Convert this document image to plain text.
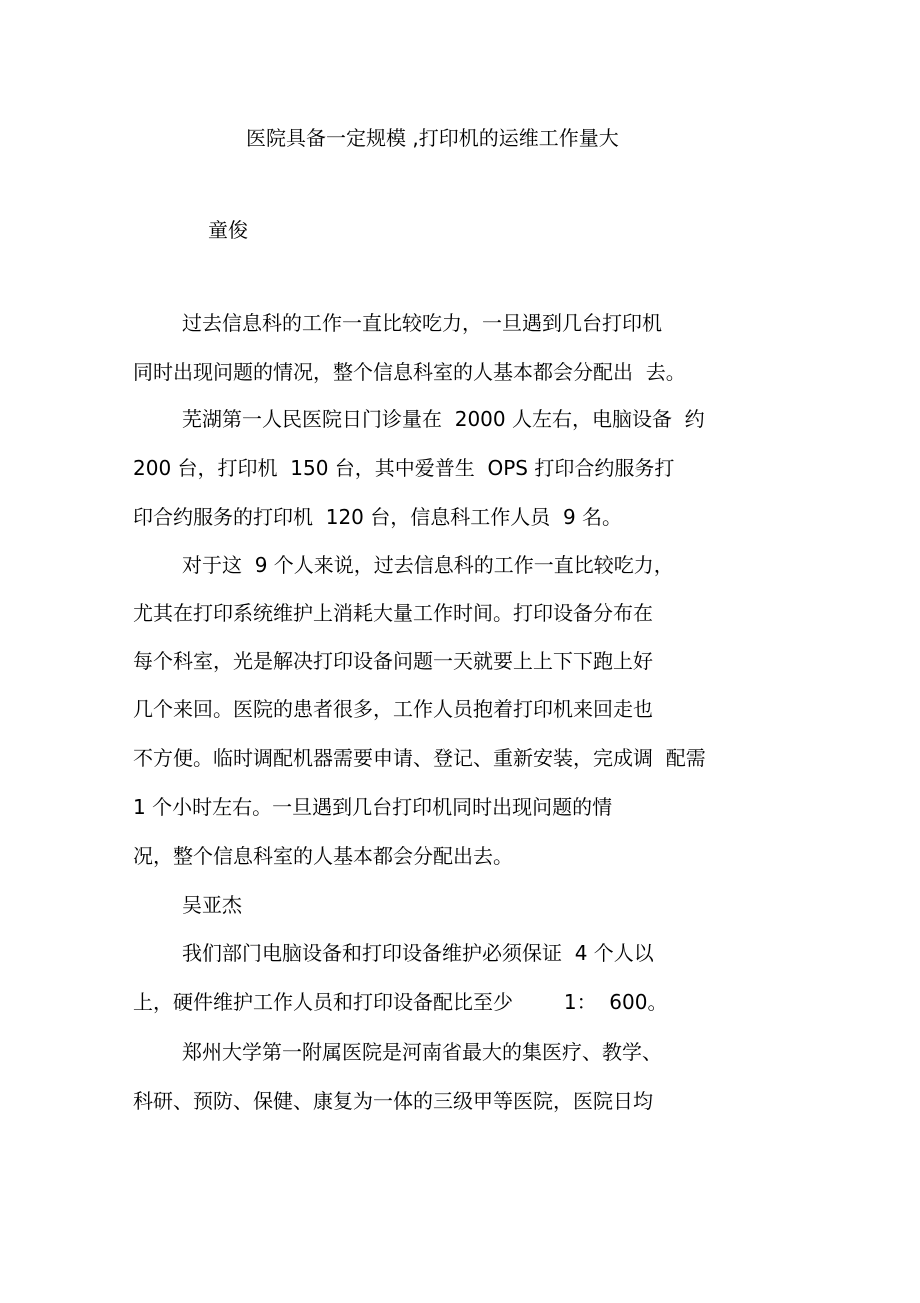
医院具备一定规模 ,打印机的运维工作量大
童俊
过去信息科的工作一直比较吃力，一旦遇到几台打印机
同时出现问题的情况，整个信息科室的人基本都会分配出  去。
芜湖第一人民医院日门诊量在  2000 人左右，电脑设备  约
200 台，打印机  150 台，其中爱普生  OPS 打印合约服务打
印合约服务的打印机  120 台，信息科工作人员  9 名。
对于这  9 个人来说，过去信息科的工作一直比较吃力，
尤其在打印系统维护上消耗大量工作时间。打印设备分布在
每个科室，光是解决打印设备问题一天就要上上下下跑上好
几个来回。医院的患者很多，工作人员抱着打印机来回走也
不方便。临时调配机器需要申请、登记、重新安装，完成调  配需
1 个小时左右。一旦遇到几台打印机同时出现问题的情
况，整个信息科室的人基本都会分配出去。
吴亚杰
我们部门电脑设备和打印设备维护必须保证  4 个人以
上，硬件维护工作人员和打印设备配比至少        1：  600。
郑州大学第一附属医院是河南省最大的集医疗、教学、
科研、预防、保健、康复为一体的三级甲等医院，医院日均
